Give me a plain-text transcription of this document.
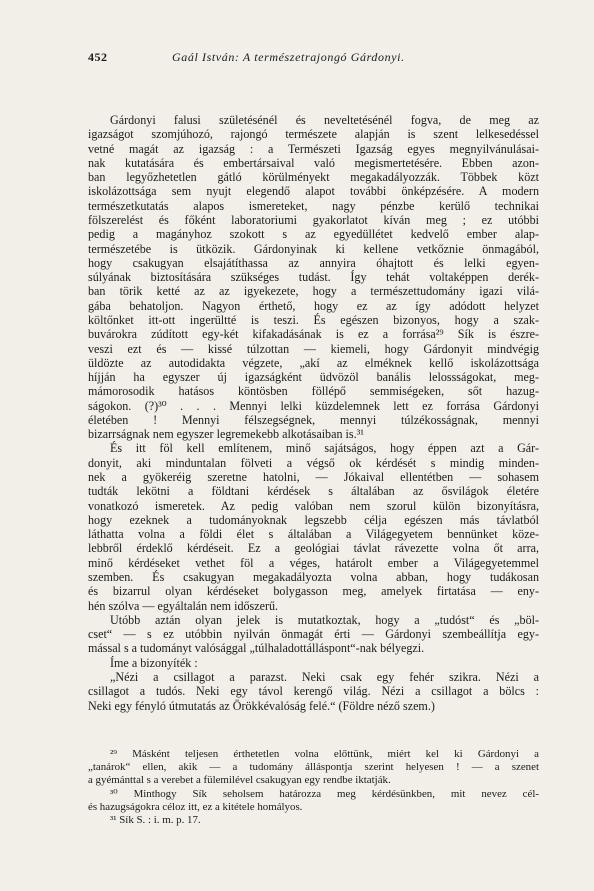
452	Gaál István: A természetrajongó Gárdonyi.

Gárdonyi falusi születésénél és neveltetésénél fogva, de meg az

igazságot szomjúhozó, rajongó természete alapján is szent lelkesedéssel

vetné magát az igazság : a Természeti Igazság egyes megnyilvánulásai-

nak kutatására és embertársaival való megismertetésére. Ebben azon-

ban legyőzhetetlen gátló körülményekt megakadályozzák. Többek közt

iskolázottsága sem nyujt elegendő alapot további önképzésére. A modern

természetkutatás alapos ismereteket, nagy pénzbe kerülő technikai

fölszerelést és főként laboratoriumi gyakorlatot kíván meg ; ez utóbbi

pedig a magányhoz szokott s az egyedüllétet kedvelő ember alap-

természetébe is ütközik. Gárdonyinak ki kellene vetkőznie önmagából,

hogy csakugyan elsajátíthassa az annyira óhajtott és lelki egyen-

súlyának biztosítására szükséges tudást. Így tehát voltaképpen derék-

ban törik ketté az az igyekezete, hogy a természettudomány igazi vilá-

gába behatoljon. Nagyon érthető, hogy ez az így adódott helyzet

költőnket itt-ott ingerültté is teszi. És egészen bizonyos, hogy a szak-

buvárokra zúdított egy-két kifakadásának is ez a forrása²⁹ Sík is észre-

veszi ezt és — kissé túlzottan — kiemeli, hogy Gárdonyit mindvégig

üldözte az autodidakta végzete, „akí az elméknek kellő iskolázottsága

híjján ha egyszer új igazságként üdvözöl banális lelossságokat, meg-

mámorosodik hatásos köntösben föllépő semmiségeken, sőt hazug-

ságokon. (?)³⁰ . . . Mennyi lelki küzdelemnek lett ez forrása Gárdonyi

életében ! Mennyi félszegségnek, mennyi túlzékosságnak, mennyi

bizarrságnak nem egyszer legremekebb alkotásaiban is.³¹

És itt föl kell említenem, minő sajátságos, hogy éppen azt a Gár-

donyit, aki minduntalan fölveti a végső ok kérdését s mindig minden-

nek a gyökeréig szeretne hatolni, — Jókaival ellentétben — sohasem

tudták lekötni a földtani kérdések s általában az ősvilágok életére

vonatkozó ismeretek. Az pedig valóban nem szorul külön bizonyításra,

hogy ezeknek a tudományoknak legszebb célja egészen más távlatból

láthatta volna a földi élet s általában a Világegyetem bennünket köze-

lebbről érdeklő kérdéseit. Ez a geológiai távlat rávezette volna őt arra,

minő kérdéseket vethet föl a véges, határolt ember a Világegyetemmel

szemben. És csakugyan megakadályozta volna abban, hogy tudákosan

és bizarrul olyan kérdéseket bolygasson meg, amelyek firtatása — eny-

hén szólva — egyáltalán nem időszerű.

Utóbb aztán olyan jelek is mutatkoztak, hogy a „tudóst“ és „böl-

cset“ — s ez utóbbin nyilván önmagát érti — Gárdonyi szembeállítja egy-

mással s a tudományt valósággal „túlhaladottálláspont“-nak bélyegzi.

Íme a bizonyíték :

„Nézi a csillagot a parazst. Neki csak egy fehér szikra. Nézi a

csillagot a tudós. Neki egy távol kerengő világ. Nézi a csillagot a bölcs :

Neki egy fényló útmutatás az Örökkévalóság felé.“ (Földre néző szem.)

²⁹ Másként teljesen érthetetlen volna előttünk, miért kel ki Gárdonyi a

„tanárok“ ellen, akik — a tudomány álláspontja szerint helyesen ! — a szenet

a gyémánttal s a verebet a fülemilével csakugyan egy rendbe iktatják.

³⁰ Minthogy Sík seholsem határozza meg kérdésünkben, mit nevez cél-

és hazugságokra céloz itt, ez a kitétele homályos.

³¹ Sík S. : i. m. p. 17.
